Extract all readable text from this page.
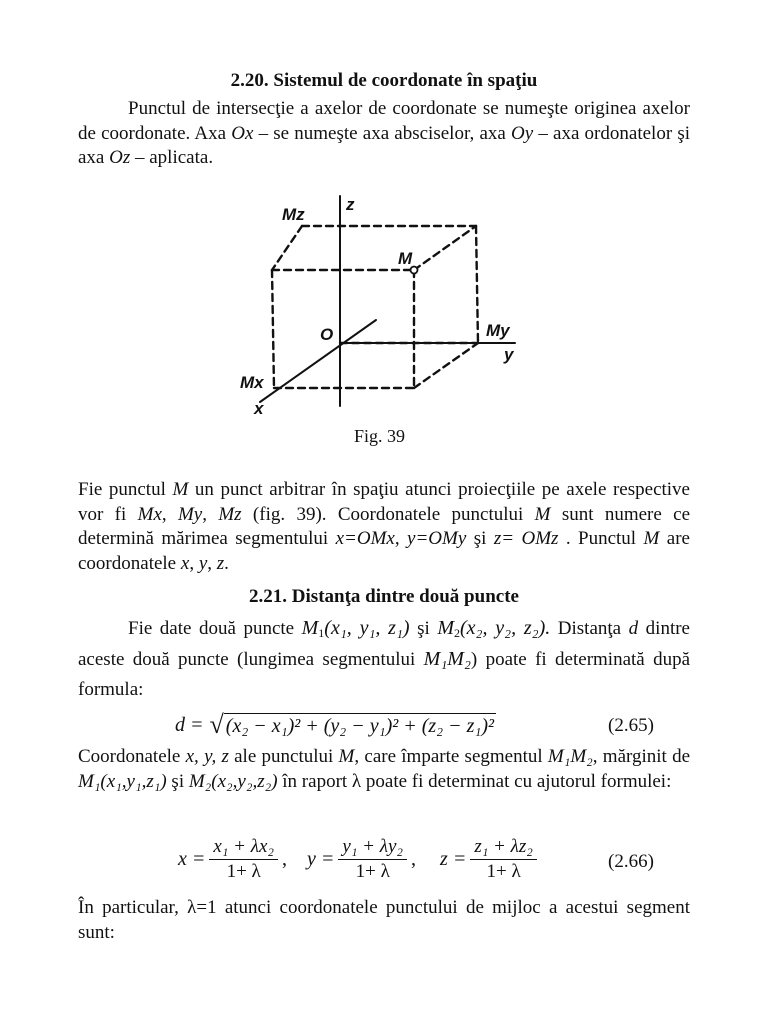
2.20. Sistemul de coordonate în spaţiu
Punctul de intersecţie a axelor de coordonate se numeşte originea axelor de coordonate. Axa Ox – se numeşte axa absciselor, axa Oy – axa ordonatelor şi axa Oz – aplicata.
z
Mz
M
O	My
y
Mx
x
Fig. 39
Fie punctul M un punct arbitrar în spaţiu atunci proiecţiile pe axele respective vor fi Mx, My, Mz (fig. 39). Coordonatele punctului M sunt numere ce determină mărimea segmentului x=OMx, y=OMy şi z= OMz . Punctul M are coordonatele x, y, z.
2.21. Distanţa dintre două puncte
Fie date două puncte $M_1(x_1$, y₁, z₁) şi $M_2(x_2$, y₂, z₂). Distanţa d dintre aceste două puncte (lungimea segmentului M₁M₂) poate fi determinată după formula:
d = √ (x₂ − x₁)² + (y₂ − y₁)² + (z₂ − z₁)²	(2.65)
Coordonatele x, y, z ale punctului M, care împarte segmentul M₁M₂, mărginit de M₁(x₁,y₁,z₁) şi M₂(x₂,y₂,z₂) în raport λ poate fi determinat cu ajutorul formulei:
$x = \frac{\text{x₁ + λx₂}}{1+ \lambda}$ , $y = \frac{\text{y₁ + λy₂}}{1+ \lambda}$ , $z = \frac{\text{z₁ + λz₂}}{1+ \lambda}$	(2.66)
În particular, λ=1 atunci coordonatele punctului de mijloc a acestui segment sunt:
